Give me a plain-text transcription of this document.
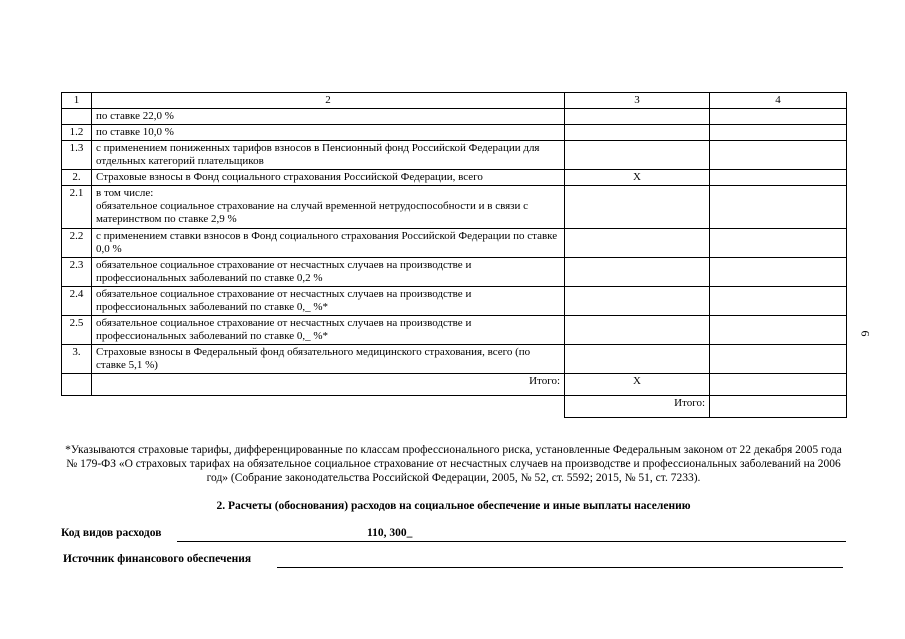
1	2	3	4
	по ставке 22,0 %		
1.2	по ставке 10,0 %		
1.3	с применением пониженных тарифов взносов в Пенсионный фонд Российской Федерации для отдельных категорий плательщиков		
2.	Страховые взносы в Фонд социального страхования Российской Федерации, всего	X	
2.1	в том числе:
обязательное социальное страхование на случай временной нетрудоспособности и в связи с материнством по ставке 2,9 %		
2.2	с применением ставки взносов в Фонд социального страхования Российской Федерации по ставке 0,0 %		
2.3	обязательное социальное страхование от несчастных случаев на производстве и профессиональных заболеваний по ставке 0,2 %		
2.4	обязательное социальное страхование от несчастных случаев на производстве и профессиональных заболеваний по ставке 0,_ %*		
2.5	обязательное социальное страхование от несчастных случаев на производстве и профессиональных заболеваний по ставке 0,_ %*		
3.	Страховые взносы в Федеральный фонд обязательного медицинского страхования, всего (по ставке 5,1 %)		
	Итого:	X	
		Итого:	
*Указываются страховые тарифы, дифференцированные по классам профессионального риска, установленные Федеральным законом от 22 декабря 2005 года № 179-ФЗ «О страховых тарифах на обязательное социальное страхование от несчастных случаев на производстве и профессиональных заболеваний на 2006 год» (Собрание законодательства Российской Федерации, 2005, № 52, ст. 5592; 2015, № 51, ст. 7233).
2. Расчеты (обоснования) расходов на социальное обеспечение и иные выплаты населению
Код видов расходов	110, 300_
Источник финансового обеспечения
6
